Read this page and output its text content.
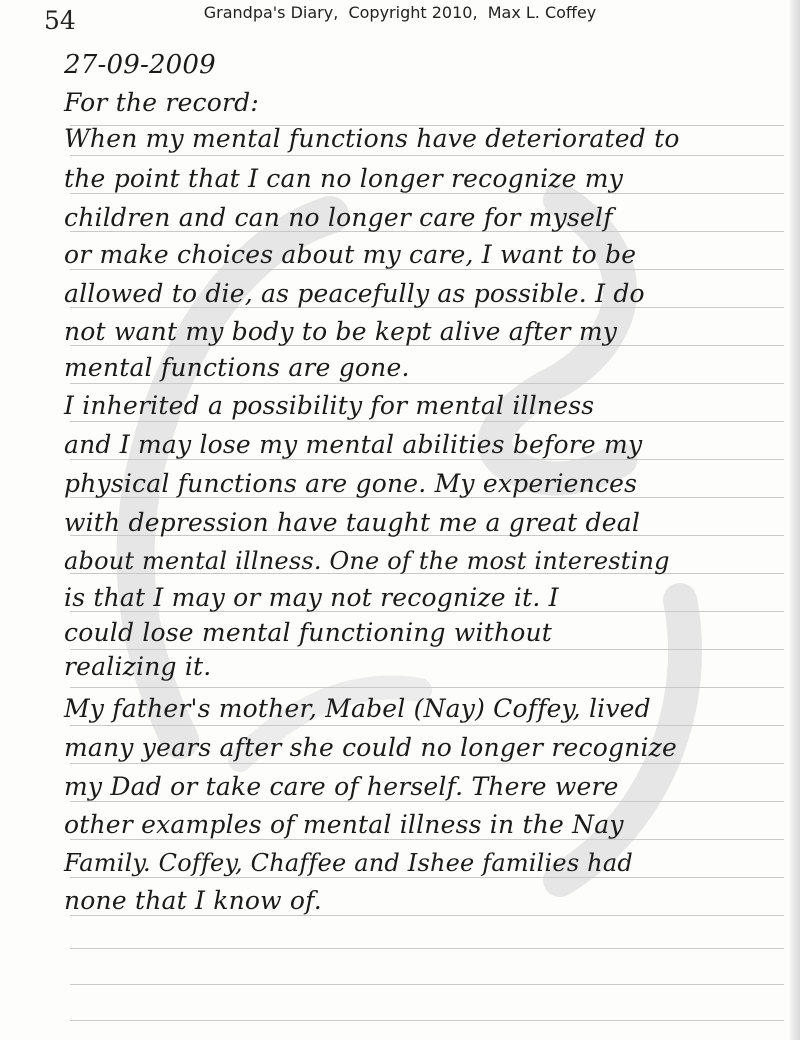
54	Grandpa's Diary,  Copyright 2010,  Max L. Coffey
27-09-2009
For the record:
When my mental functions have deteriorated to
the point that I can no longer recognize my
children and can no longer care for myself
or make choices about my care, I want to be
allowed to die, as peacefully as possible. I do
not want my body to be kept alive after my
mental functions are gone.
I inherited a possibility for mental illness
and I may lose my mental abilities before my
physical functions are gone. My experiences
with depression have taught me a great deal
about mental illness. One of the most interesting
is that I may or may not recognize it. I
could lose mental functioning without
realizing it.
My father's mother, Mabel (Nay) Coffey, lived
many years after she could no longer recognize
my Dad or take care of herself. There were
other examples of mental illness in the Nay
Family. Coffey, Chaffee and Ishee families had
none that I know of.
